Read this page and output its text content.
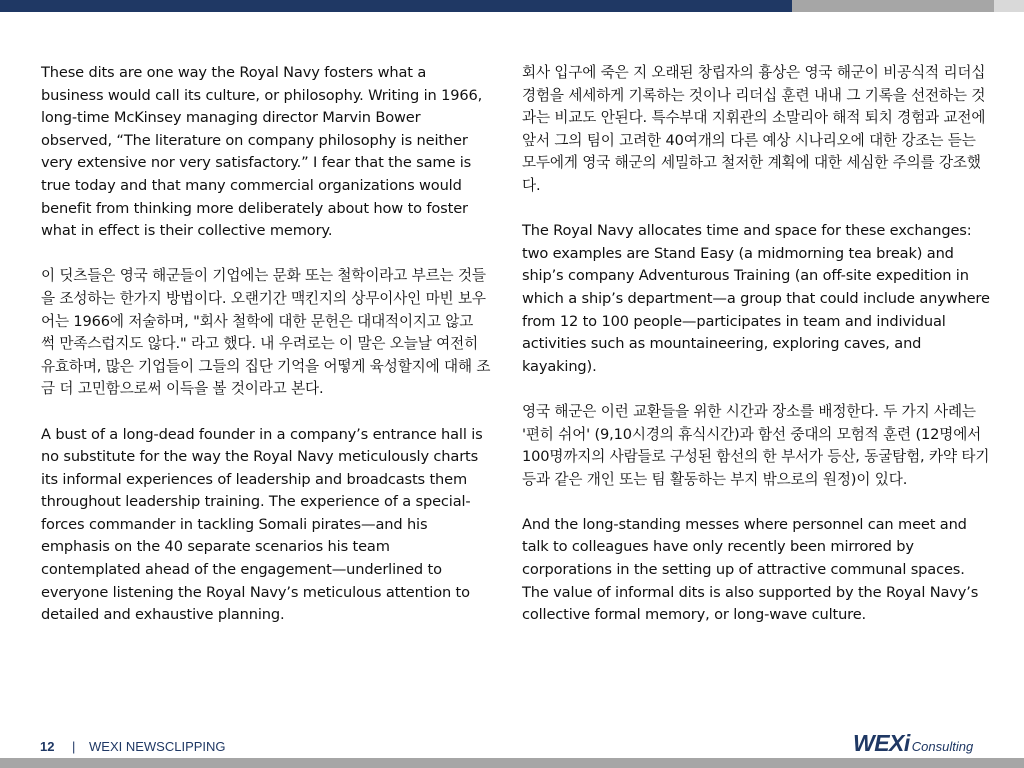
These dits are one way the Royal Navy fosters what a business would call its culture, or philosophy. Writing in 1966, long-time McKinsey managing director Marvin Bower observed, “The literature on company philosophy is neither very extensive nor very satisfactory.” I fear that the same is true today and that many commercial organizations would benefit from thinking more deliberately about how to foster what in effect is their collective memory.

이 딧츠들은 영국 해군들이 기업에는 문화 또는 철학이라고 부르는 것들을 조성하는 한가지 방법이다. 오랜기간 맥킨지의 상무이사인 마빈 보우어는 1966에 저술하며, "회사 철학에 대한 문헌은 대대적이지고 않고 썩 만족스럽지도 않다." 라고 했다. 내 우려로는 이 말은 오늘날 여전히 유효하며, 많은 기업들이 그들의 집단 기억을 어떻게 육성할지에 대해 조금 더 고민함으로써 이득을 볼 것이라고 본다.

A bust of a long-dead founder in a company’s entrance hall is no substitute for the way the Royal Navy meticulously charts its informal experiences of leadership and broadcasts them throughout leadership training. The experience of a special-forces commander in tackling Somali pirates—and his emphasis on the 40 separate scenarios his team contemplated ahead of the engagement—underlined to everyone listening the Royal Navy’s meticulous attention to detailed and exhaustive planning.

회사 입구에 죽은 지 오래된 창립자의 흉상은 영국 해군이 비공식적 리더십 경험을 세세하게 기록하는 것이나 리더십 훈련 내내 그 기록을 선전하는 것과는 비교도 안된다. 특수부대 지휘관의 소말리아 해적 퇴치 경험과 교전에 앞서 그의 팀이 고려한 40여개의 다른 예상 시나리오에 대한 강조는 듣는 모두에게 영국 해군의 세밀하고 철저한 계획에 대한 세심한 주의를 강조했다.

The Royal Navy allocates time and space for these exchanges: two examples are Stand Easy (a midmorning tea break) and ship’s company Adventurous Training (an off-site expedition in which a ship’s department—a group that could include anywhere from 12 to 100 people—participates in team and individual activities such as mountaineering, exploring caves, and kayaking).

영국 해군은 이런 교환들을 위한 시간과 장소를 배정한다. 두 가지 사례는 '편히 쉬어' (9,10시경의 휴식시간)과 함선 중대의 모험적 훈련 (12명에서 100명까지의 사람들로 구성된 함선의 한 부서가 등산, 동굴탐험, 카약 타기 등과 같은 개인 또는 팀 활동하는 부지 밖으로의 원정)이 있다.

And the long-standing messes where personnel can meet and talk to colleagues have only recently been mirrored by corporations in the setting up of attractive communal spaces. The value of informal dits is also supported by the Royal Navy’s collective formal memory, or long-wave culture.

12 | WEXI NEWSCLIPPING	WEXi Consulting
